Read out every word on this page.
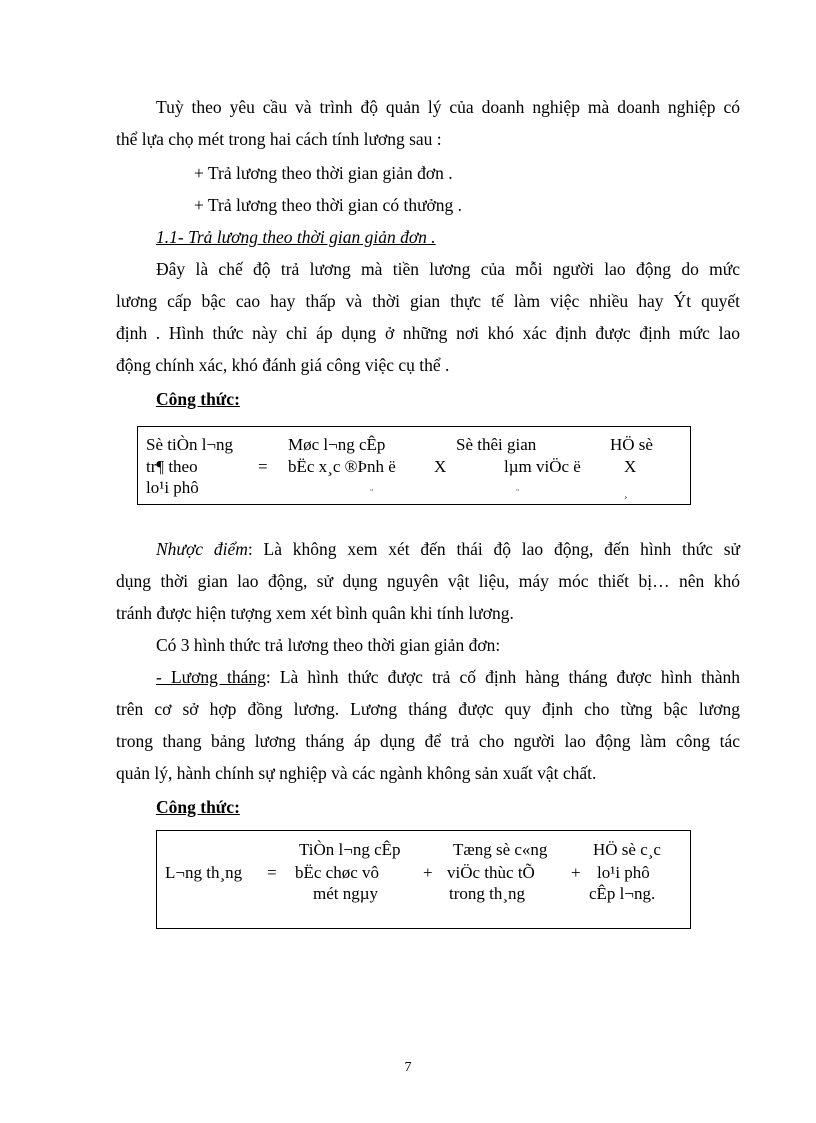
Tuỳ theo yêu cầu và trình độ quản lý của doanh nghiệp mà doanh nghiệp có
thể lựa chọ mét trong hai cách tính lương sau :
+ Trả lương theo thời gian giản đơn .
+ Trả lương theo thời gian có thưởng .
1.1- Trả lương theo thời gian giản đơn .
Đây là chế độ trả lương mà tiền lương của mỗi người lao động do mức
lương cấp bậc cao hay thấp và thời gian thực tế làm việc nhiều hay Ýt quyết
định . Hình thức này chỉ áp dụng ở những nơi khó xác định được định mức lao
động chính xác, khó đánh giá công việc cụ thể .
Công thức:
Sè tiÒn l¬ng
tr¶ theo
lo¹i phô
=
Møc l¬ng cÊp
bËc x¸c ®Þnh ë X
Sè thêi gian
lµm viÖc ë
HÖ sè
X
¨	¨	¸
Nhược điểm: Là không xem xét đến thái độ lao động, đến hình thức sử
dụng thời gian lao động, sử dụng nguyên vật liệu, máy móc thiết bị… nên khó
tránh được hiện tượng xem xét bình quân khi tính lương.
Có 3 hình thức trả lương theo thời gian giản đơn:
- Lương tháng: Là hình thức được trả cố định hàng tháng được hình thành
trên cơ sở hợp đồng lương. Lương tháng được quy định cho từng bậc lương
trong thang bảng lương tháng áp dụng để trả cho người lao động làm công tác
quản lý, hành chính sự nghiệp và các ngành không sản xuất vật chất.
Công thức:
L¬ng th¸ng =
TiÒn l¬ng cÊp
bËc chøc vô
mét ngµy
+
Tæng sè c«ng
viÖc thùc tÕ
trong th¸ng
+
HÖ sè c¸c
lo¹i phô
cÊp l¬ng.
7
